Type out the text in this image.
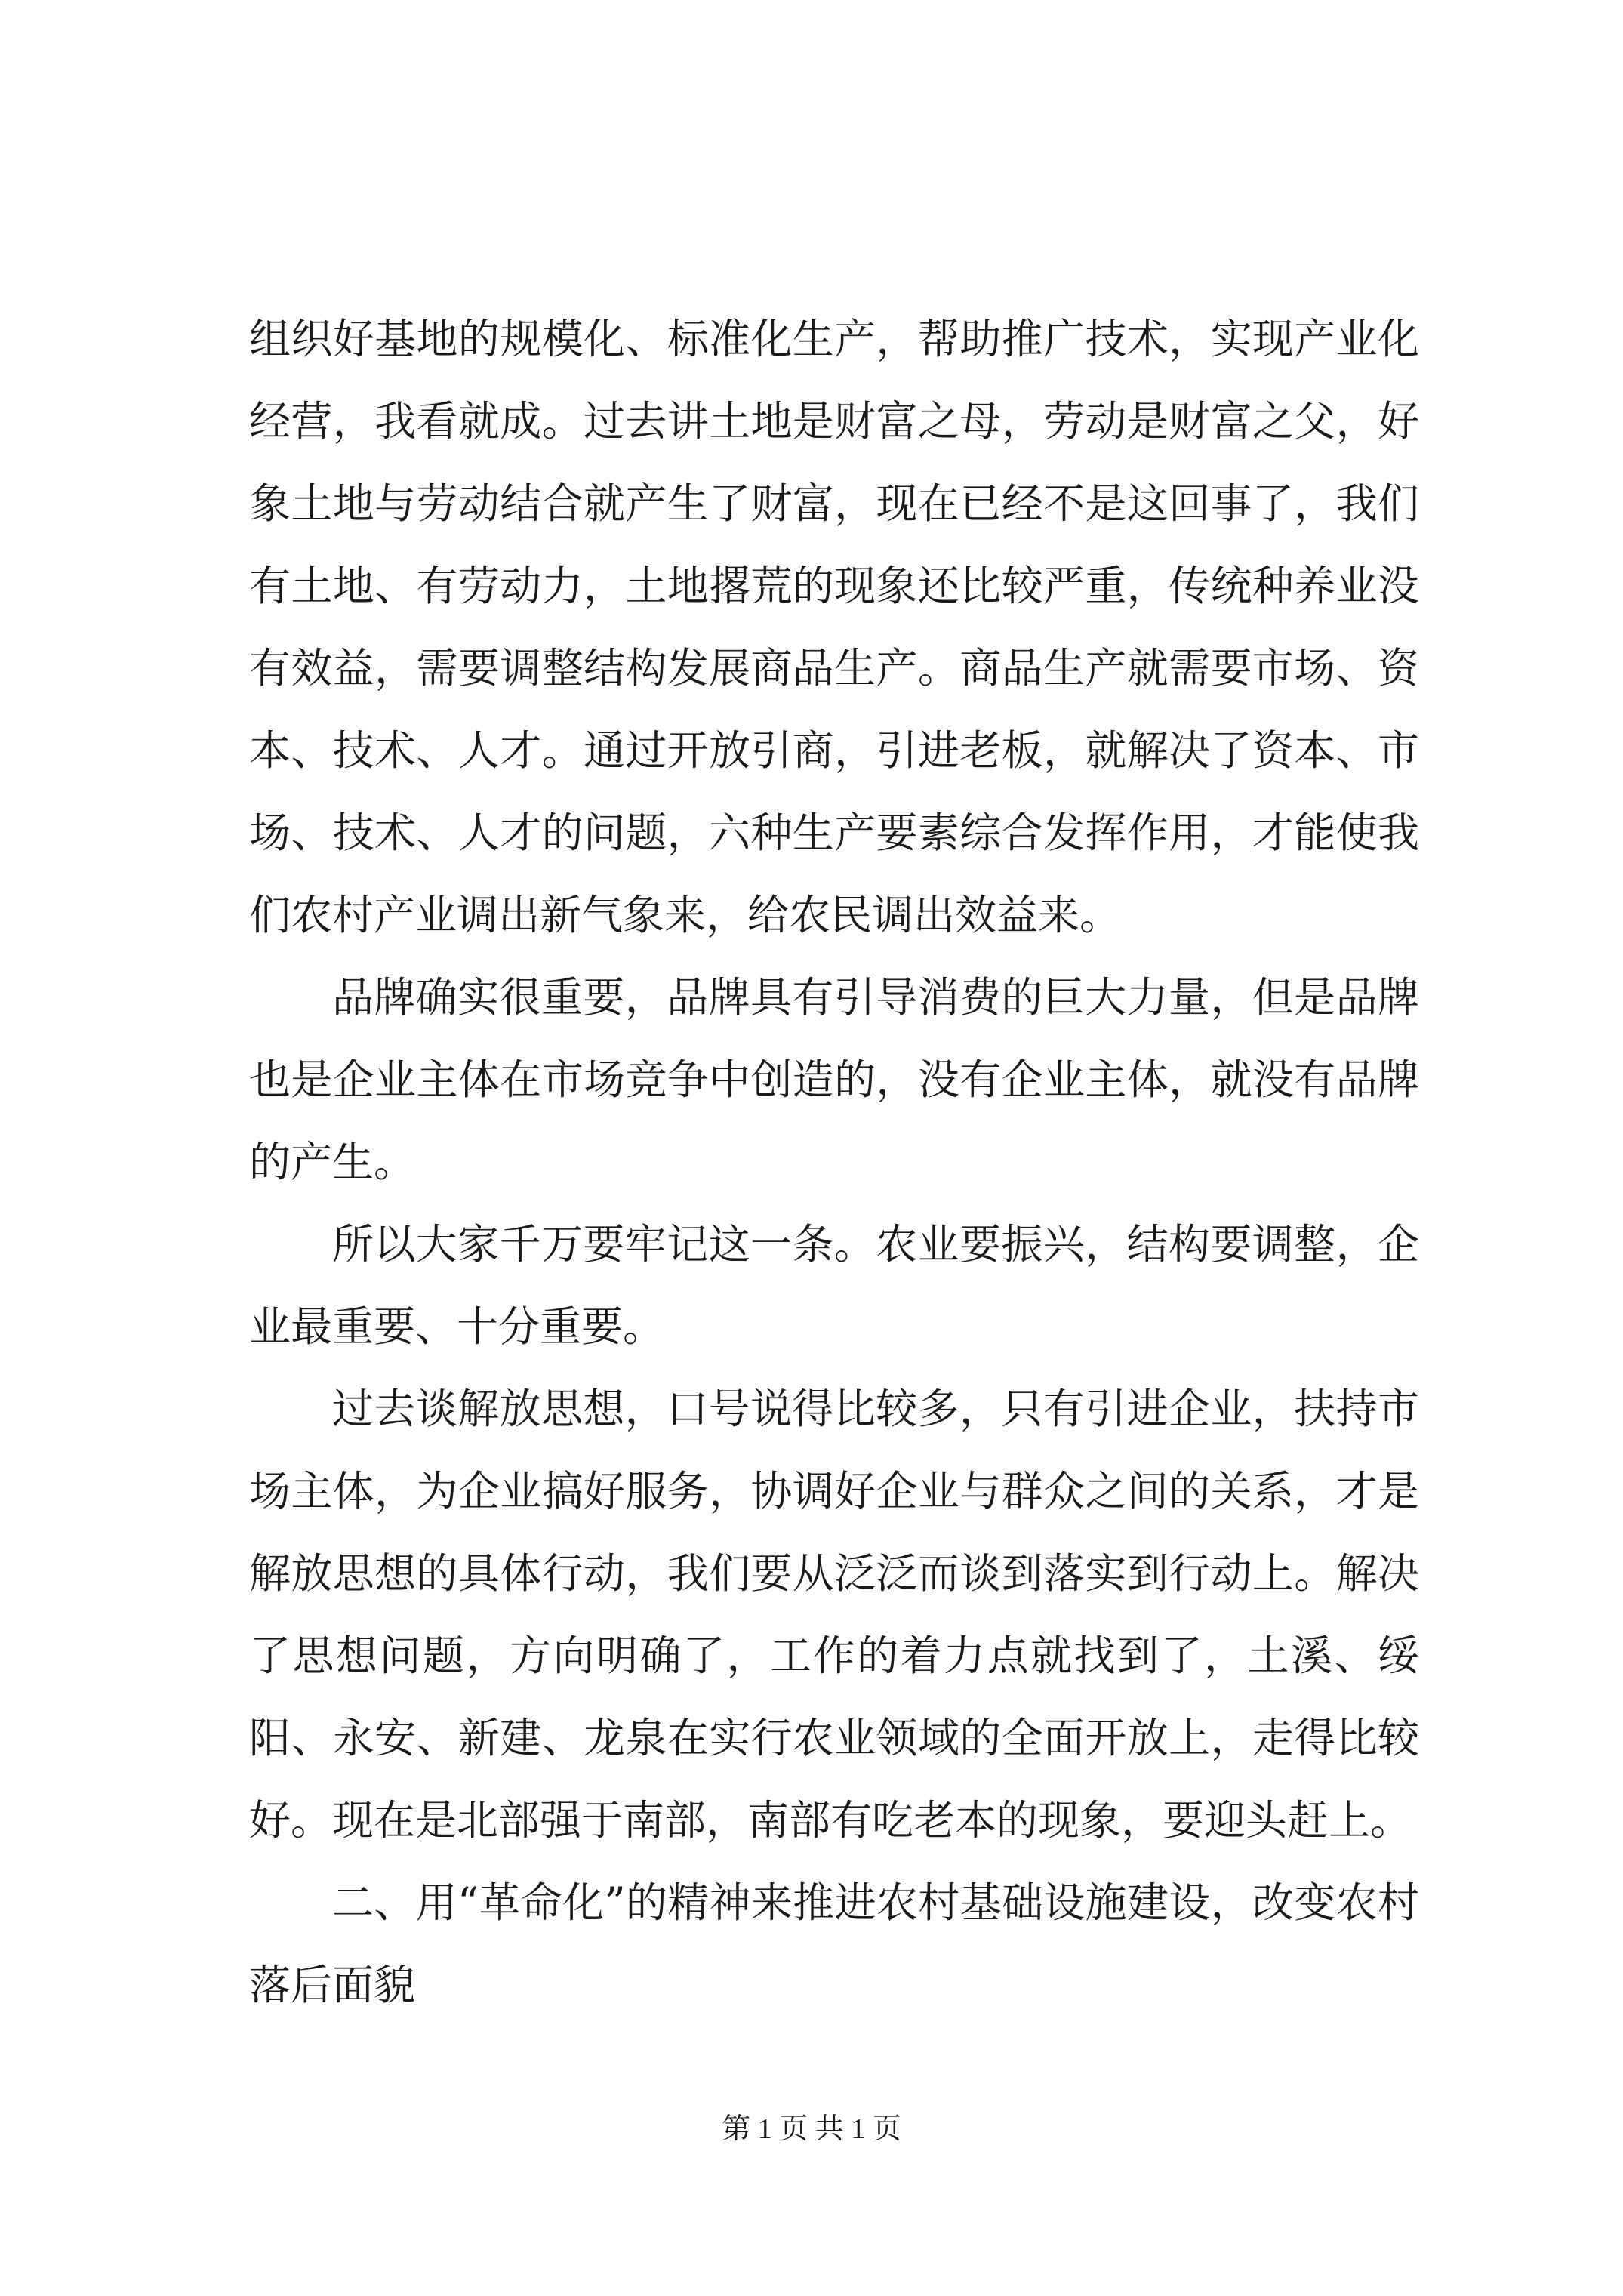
组织好基地的规模化、标准化生产，帮助推广技术，实现产业化经营，我看就成。过去讲土地是财富之母，劳动是财富之父，好象土地与劳动结合就产生了财富，现在已经不是这回事了，我们有土地、有劳动力，土地撂荒的现象还比较严重，传统种养业没有效益，需要调整结构发展商品生产。商品生产就需要市场、资本、技术、人才。通过开放引商，引进老板，就解决了资本、市场、技术、人才的问题，六种生产要素综合发挥作用，才能使我们农村产业调出新气象来，给农民调出效益来。

品牌确实很重要，品牌具有引导消费的巨大力量，但是品牌也是企业主体在市场竞争中创造的，没有企业主体，就没有品牌的产生。

所以大家千万要牢记这一条。农业要振兴，结构要调整，企业最重要、十分重要。

过去谈解放思想，口号说得比较多，只有引进企业，扶持市场主体，为企业搞好服务，协调好企业与群众之间的关系，才是解放思想的具体行动，我们要从泛泛而谈到落实到行动上。解决了思想问题，方向明确了，工作的着力点就找到了，土溪、绥阳、永安、新建、龙泉在实行农业领域的全面开放上，走得比较好。现在是北部强于南部，南部有吃老本的现象，要迎头赶上。

二、用“革命化”的精神来推进农村基础设施建设，改变农村落后面貌

第 1 页 共 1 页
